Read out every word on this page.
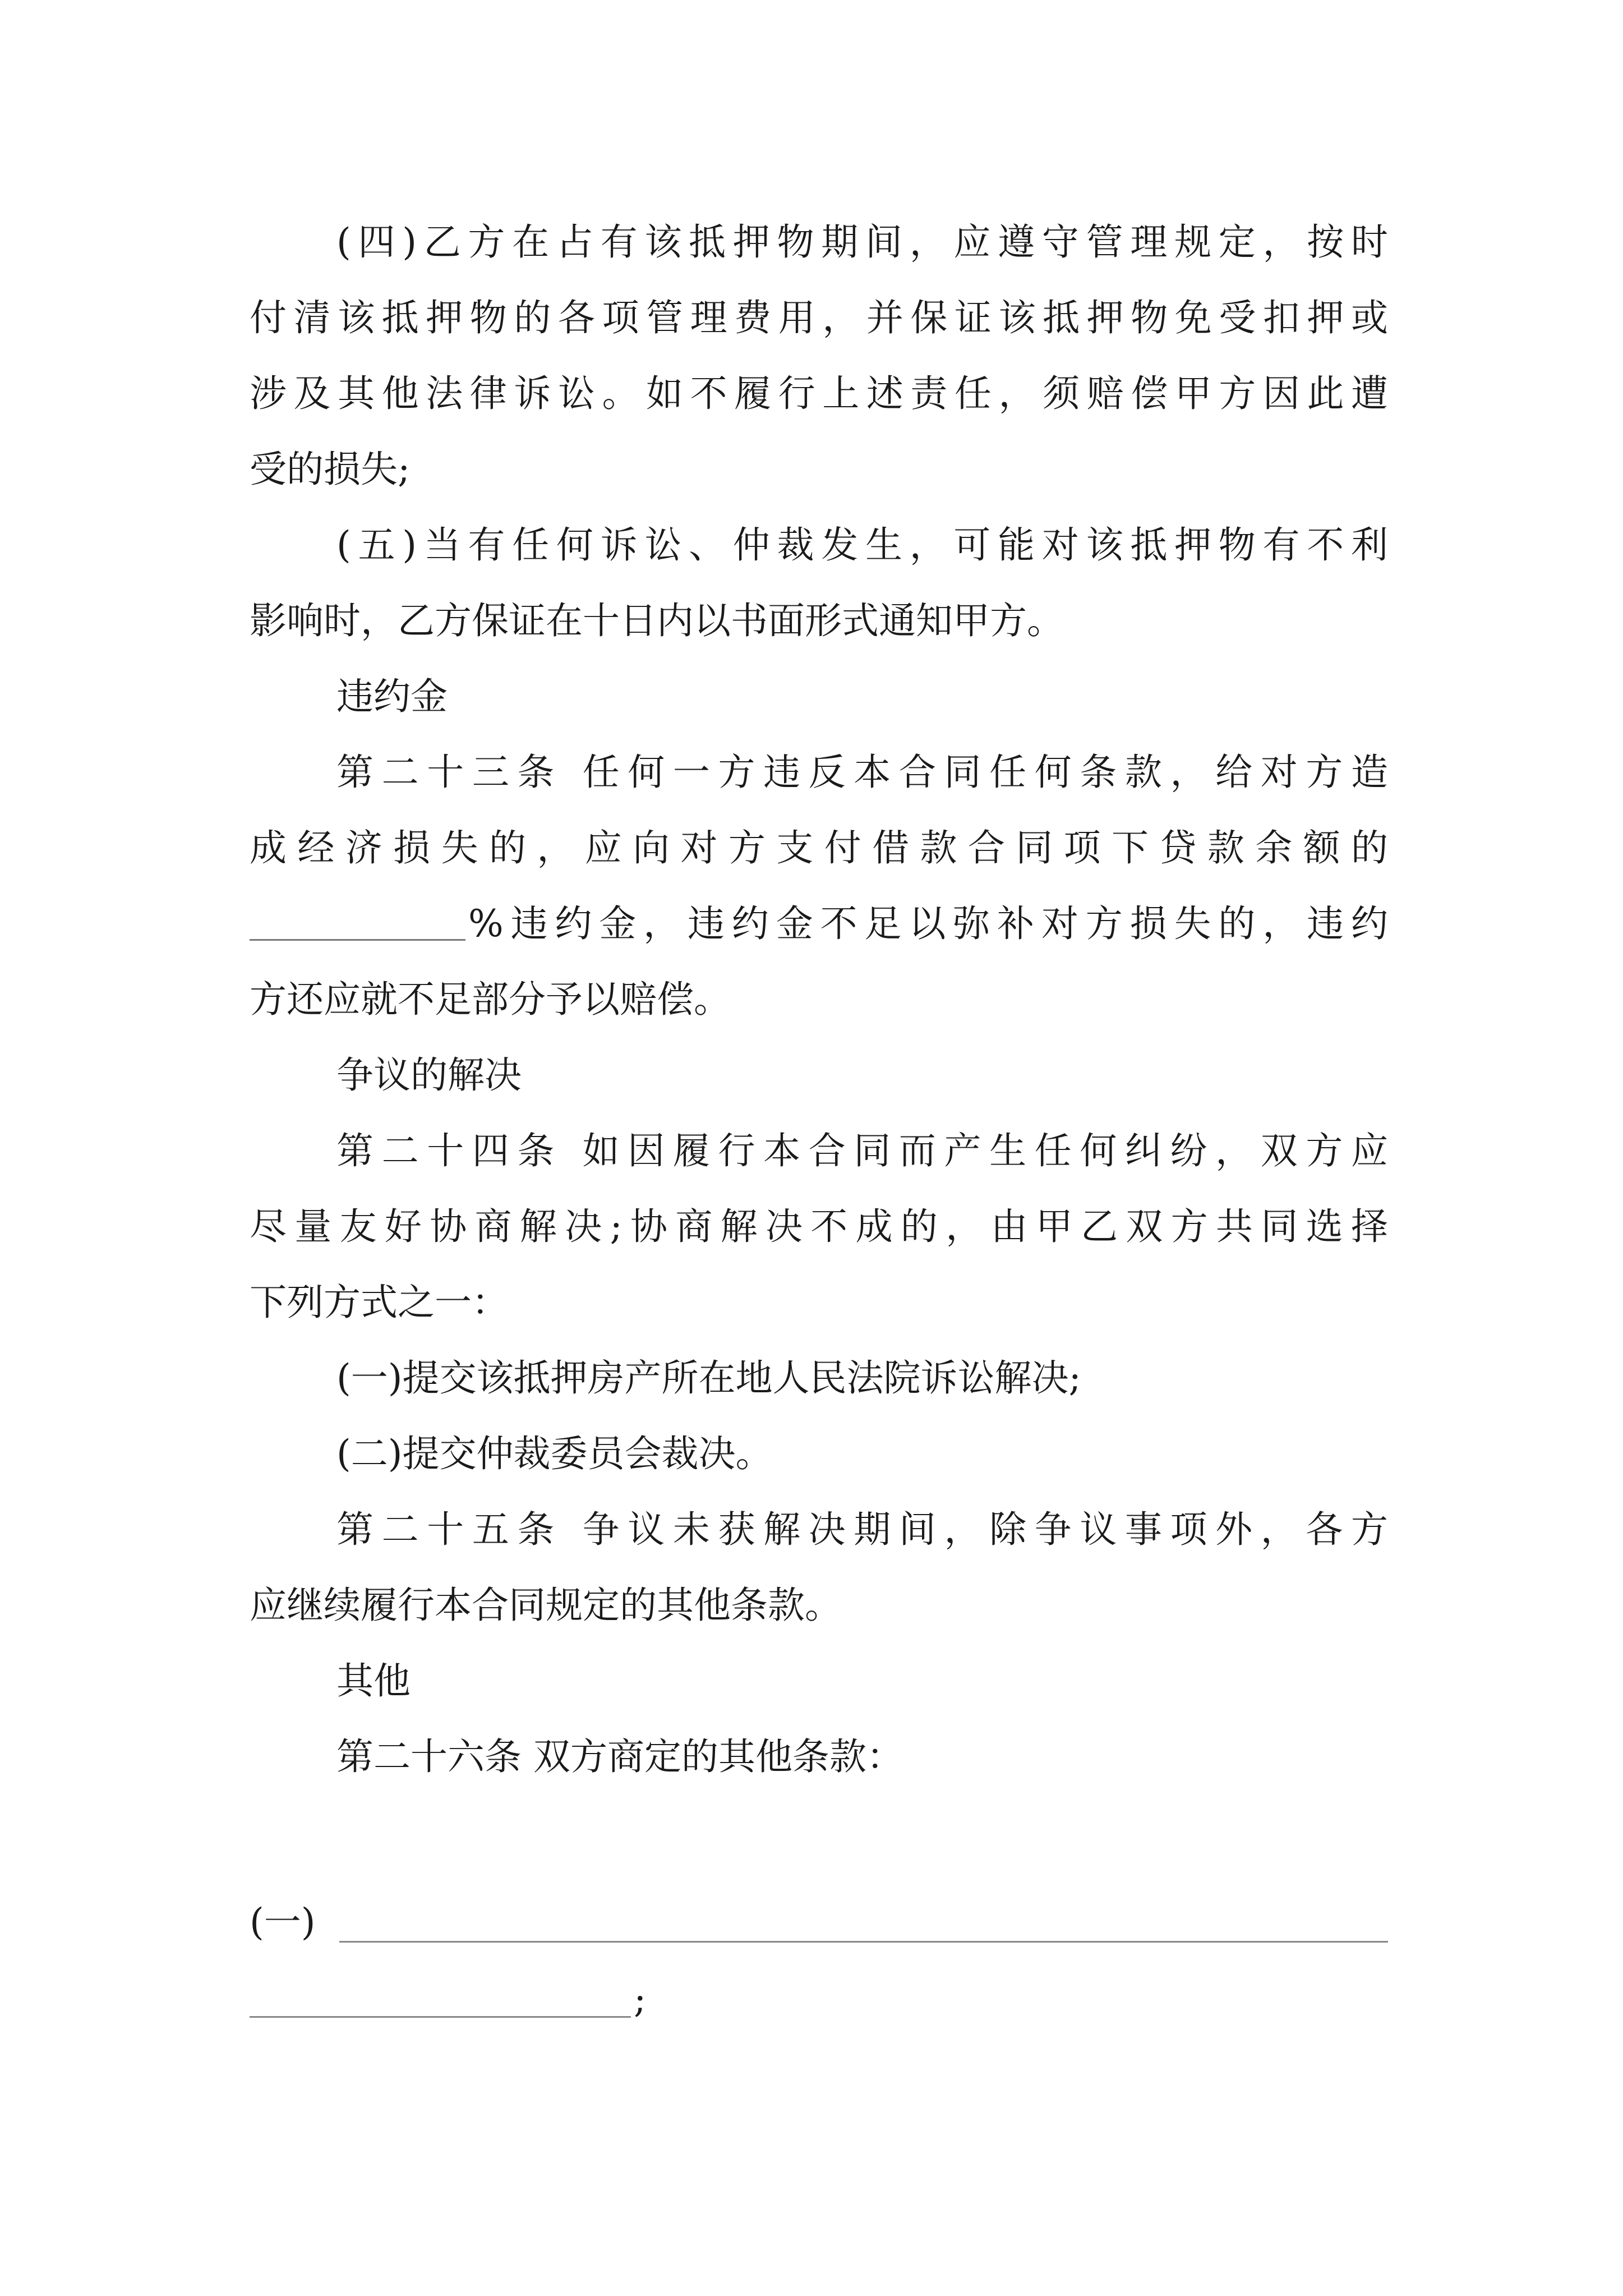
(四)乙方在占有该抵押物期间，应遵守管理规定，按时
付清该抵押物的各项管理费用，并保证该抵押物免受扣押或
涉及其他法律诉讼。如不履行上述责任，须赔偿甲方因此遭
受的损失;
(五)当有任何诉讼、仲裁发生，可能对该抵押物有不利
影响时，乙方保证在十日内以书面形式通知甲方。
违约金
第二十三条 任何一方违反本合同任何条款，给对方造
成经济损失的，应向对方支付借款合同项下贷款余额的
%违约金，违约金不足以弥补对方损失的，违约
方还应就不足部分予以赔偿。
争议的解决
第二十四条 如因履行本合同而产生任何纠纷，双方应
尽量友好协商解决;协商解决不成的，由甲乙双方共同选择
下列方式之一：
(一)提交该抵押房产所在地人民法院诉讼解决;
(二)提交仲裁委员会裁决。
第二十五条 争议未获解决期间，除争议事项外，各方
应继续履行本合同规定的其他条款。
其他
第二十六条 双方商定的其他条款：
(一)
;
